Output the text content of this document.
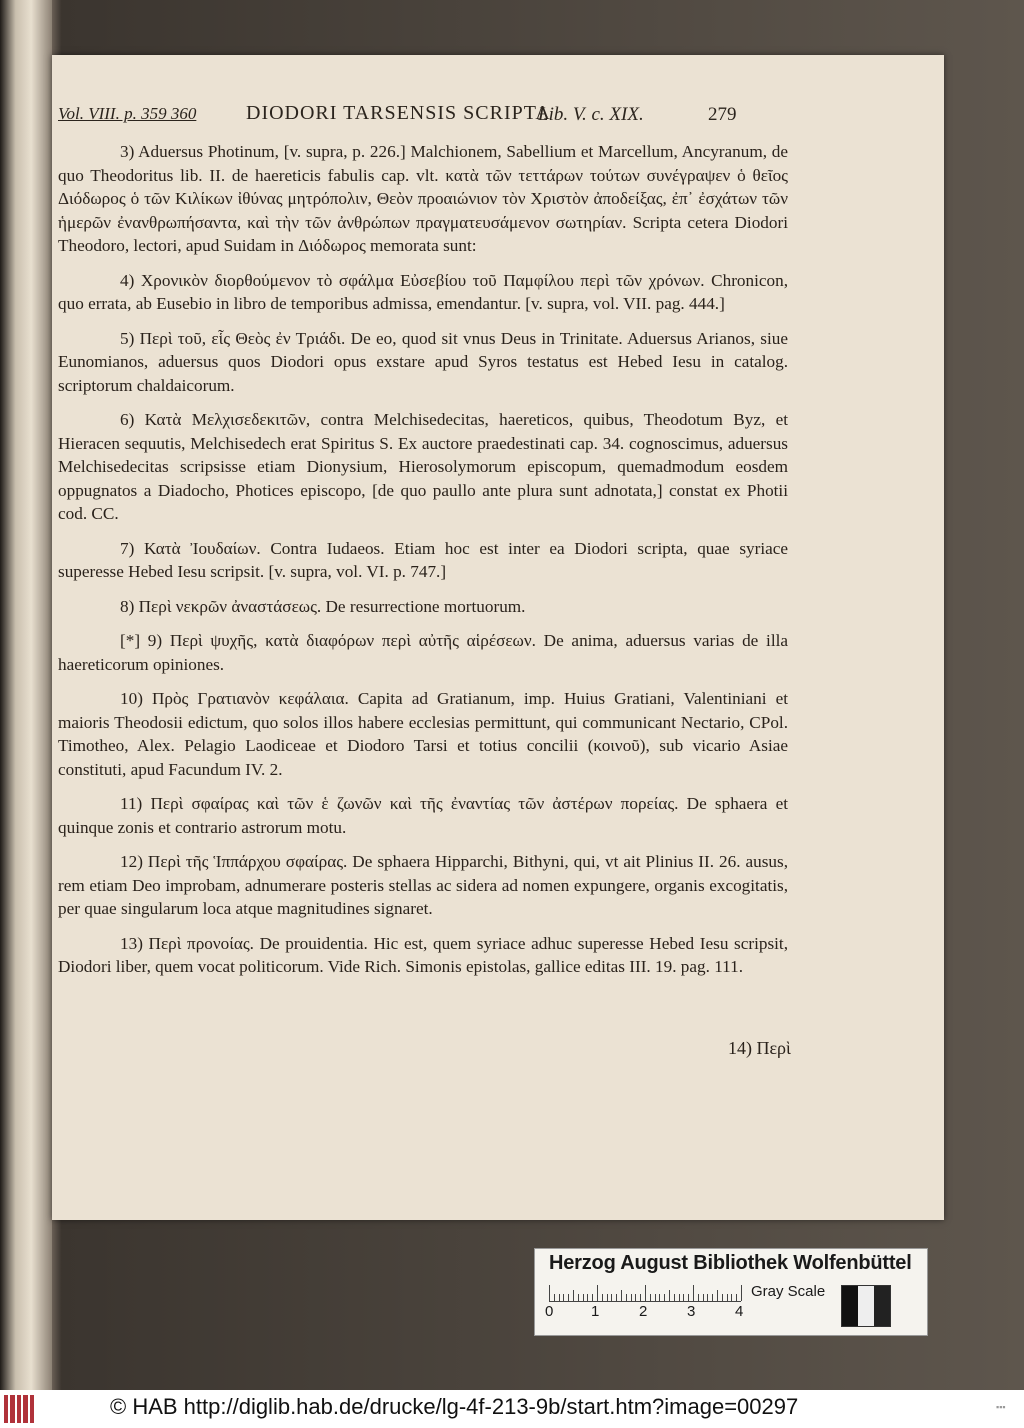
Vol. VIII. p. 359 360 DIODORI TARSENSIS SCRIPTA
Lib. V. c. XIX.	279

3) Aduersus Photinum, [v. supra, p. 226.] Malchionem, Sabellium et Marcellum, Ancyranum, de quo Theodoritus lib. II. de haereticis fabulis cap. vlt. κατὰ τῶν τεττάρων τούτων συνέγραψεν ὁ θεῖος Διόδωρος ὁ τῶν Κιλίκων ἰθύνας μητρόπολιν, Θεὸν προαιώνιον τὸν Χριστὸν ἀποδείξας, ἐπ᾽ ἐσχάτων τῶν ἡμερῶν ἐνανθρωπήσαντα, καὶ τὴν τῶν ἀνθρώπων πραγματευσάμενον σωτηρίαν. Scripta cetera Diodori Theodoro, lectori, apud Suidam in Διόδωρος memorata sunt:

4) Χρονικὸν διορθούμενον τὸ σφάλμα Εὐσεβίου τοῦ Παμφίλου περὶ τῶν χρόνων. Chronicon, quo errata, ab Eusebio in libro de temporibus admissa, emendantur. [v. supra, vol. VII. pag. 444.]

5) Περὶ τοῦ, εἷς Θεὸς ἐν Τριάδι. De eo, quod sit vnus Deus in Trinitate. Aduersus Arianos, siue Eunomianos, aduersus quos Diodori opus exstare apud Syros testatus est Hebed Iesu in catalog. scriptorum chaldaicorum.

6) Κατὰ Μελχισεδεκιτῶν, contra Melchisedecitas, haereticos, quibus, Theodotum Byz, et Hieracen sequutis, Melchisedech erat Spiritus S. Ex auctore praedestinati cap. 34. cognoscimus, aduersus Melchisedecitas scripsisse etiam Dionysium, Hierosolymorum episcopum, quemadmodum eosdem oppugnatos a Diadocho, Photices episcopo, [de quo paullo ante plura sunt adnotata,] constat ex Photii cod. CC.

7) Κατὰ Ἰουδαίων. Contra Iudaeos. Etiam hoc est inter ea Diodori scripta, quae syriace superesse Hebed Iesu scripsit. [v. supra, vol. VI. p. 747.]

8) Περὶ νεκρῶν ἀναστάσεως. De resurrectione mortuorum.

[*] 9) Περὶ ψυχῆς, κατὰ διαφόρων περὶ αὐτῆς αἱρέσεων. De anima, aduersus varias de illa haereticorum opiniones.

10) Πρὸς Γρατιανὸν κεφάλαια. Capita ad Gratianum, imp. Huius Gratiani, Valentiniani et maioris Theodosii edictum, quo solos illos habere ecclesias permittunt, qui communicant Nectario, CPol. Timotheo, Alex. Pelagio Laodiceae et Diodoro Tarsi et totius concilii (κοινοῦ), sub vicario Asiae constituti, apud Facundum IV. 2.

11) Περὶ σφαίρας καὶ τῶν ἑ ζωνῶν καὶ τῆς ἐναντίας τῶν ἀστέρων πορείας. De sphaera et quinque zonis et contrario astrorum motu.

12) Περὶ τῆς Ἱππάρχου σφαίρας. De sphaera Hipparchi, Bithyni, qui, vt ait Plinius II. 26. ausus, rem etiam Deo improbam, adnumerare posteris stellas ac sidera ad nomen expungere, organis excogitatis, per quae singularum loca atque magnitudines signaret.

13) Περὶ προνοίας. De prouidentia. Hic est, quem syriace adhuc superesse Hebed Iesu scripsit, Diodori liber, quem vocat politicorum. Vide Rich. Simonis epistolas, gallice editas III. 19. pag. 111.

14) Περὶ
Herzog August Bibliothek Wolfenbüttel
0	1	2	3	4
Gray Scale
© HAB http://diglib.hab.de/drucke/lg-4f-213-9b/start.htm?image=00297	▪▪▪
